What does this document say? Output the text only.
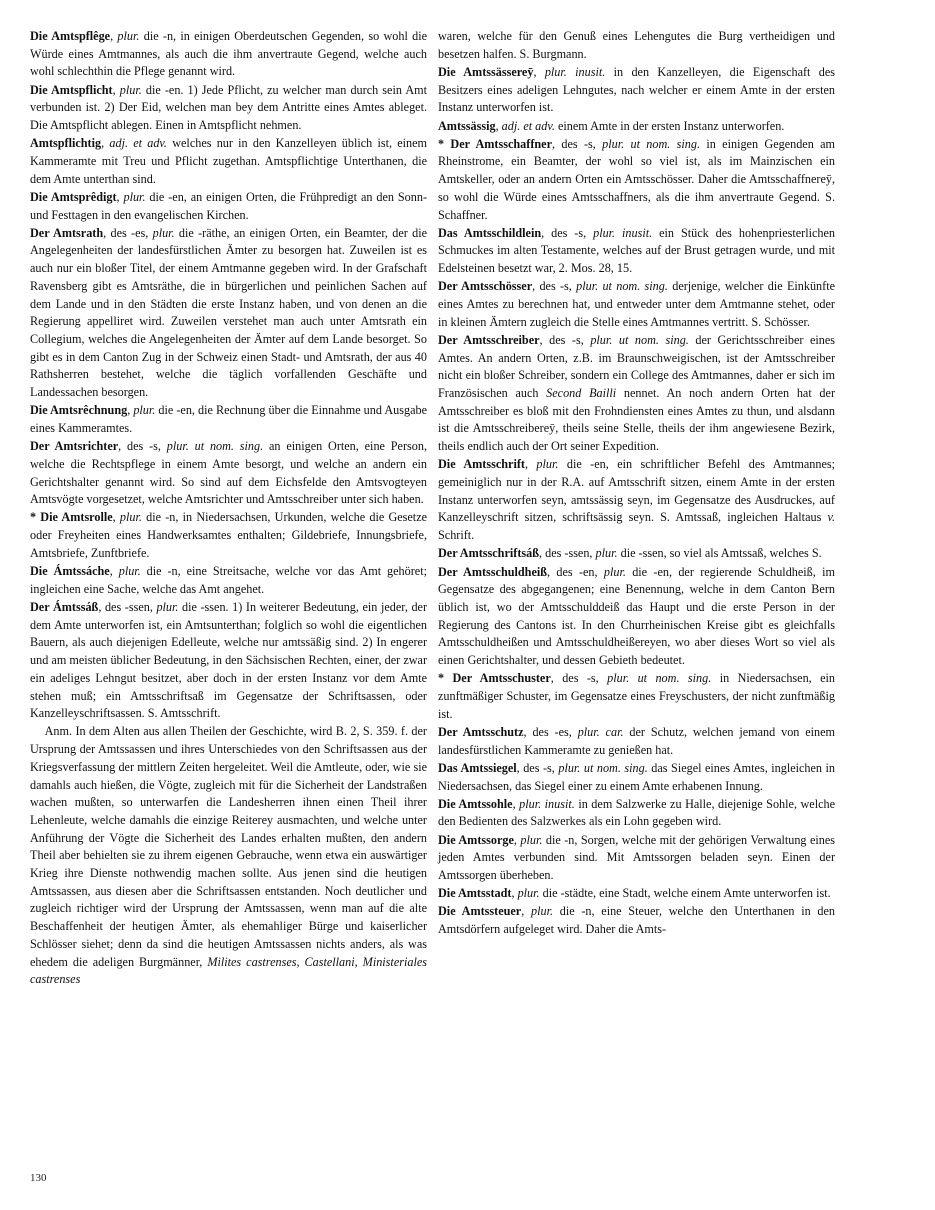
Die Amtspflêge, plur. die -n, in einigen Oberdeutschen Gegenden, so wohl die Würde eines Amtmannes, als auch die ihm anvertraute Gegend, welche auch wohl schlechthin die Pflege genannt wird.

Die Amtspflicht, plur. die -en. 1) Jede Pflicht, zu welcher man durch sein Amt verbunden ist. 2) Der Eid, welchen man bey dem Antritte eines Amtes ableget. Die Amtspflicht ablegen. Einen in Amtspflicht nehmen.

Amtspflichtig, adj. et adv. welches nur in den Kanzelleyen üblich ist, einem Kammeramte mit Treu und Pflicht zugethan. Amtspflichtige Unterthanen, die dem Amte unterthan sind.

Die Amtsprêdigt, plur. die -en, an einigen Orten, die Frühpredigt an den Sonn- und Festtagen in den evangelischen Kirchen.

Der Amtsrath, des -es, plur. die -räthe, an einigen Orten, ein Beamter, der die Angelegenheiten der landesfürstlichen Ämter zu besorgen hat. Zuweilen ist es auch nur ein bloßer Titel, der einem Amtmanne gegeben wird. In der Grafschaft Ravensberg gibt es Amtsräthe, die in bürgerlichen und peinlichen Sachen auf dem Lande und in den Städten die erste Instanz haben, und von denen an die Regierung appelliret wird. Zuweilen verstehet man auch unter Amtsrath ein Collegium, welches die Angelegenheiten der Ämter auf dem Lande besorget. So gibt es in dem Canton Zug in der Schweiz einen Stadt- und Amtsrath, der aus 40 Rathsherren bestehet, welche die täglich vorfallenden Geschäfte und Landessachen besorgen.

Die Amtsrêchnung, plur. die -en, die Rechnung über die Einnahme und Ausgabe eines Kammeramtes.

Der Amtsrichter, des -s, plur. ut nom. sing. an einigen Orten, eine Person, welche die Rechtspflege in einem Amte besorgt, und welche an andern ein Gerichtshalter genannt wird. So sind auf dem Eichsfelde den Amtsvogteyen Amtsvögte vorgesetzet, welche Amtsrichter und Amtsschreiber unter sich haben.

* Die Amtsrolle, plur. die -n, in Niedersachsen, Urkunden, welche die Gesetze oder Freyheiten eines Handwerksamtes enthalten; Gildebriefe, Innungsbriefe, Amtsbriefe, Zunftbriefe.

Die Ámtssáche, plur. die -n, eine Streitsache, welche vor das Amt gehöret; ingleichen eine Sache, welche das Amt angehet.

Der Ámtssáß, des -ssen, plur. die -ssen. 1) In weiterer Bedeutung, ein jeder, der dem Amte unterworfen ist, ein Amtsunterthan; folglich so wohl die eigentlichen Bauern, als auch diejenigen Edelleute, welche nur amtssäßig sind. 2) In engerer und am meisten üblicher Bedeutung, in den Sächsischen Rechten, einer, der zwar ein adeliges Lehngut besitzet, aber doch in der ersten Instanz vor dem Amte stehen muß; ein Amtsschriftsaß im Gegensatze der Schriftsassen, oder Kanzelleyschriftsassen. S. Amtsschrift.

Anm. In dem Alten aus allen Theilen der Geschichte, wird B. 2, S. 359. f. der Ursprung der Amtssassen und ihres Unterschiedes von den Schriftsassen aus der Kriegsverfassung der mittlern Zeiten hergeleitet. Weil die Amtleute, oder, wie sie damahls auch hießen, die Vögte, zugleich mit für die Sicherheit der Landstraßen wachen mußten, so unterwarfen die Landesherren ihnen einen Theil ihrer Lehenleute, welche damahls die einzige Reiterey ausmachten, und welche unter Anführung der Vögte die Sicherheit des Landes erhalten mußten, den andern Theil aber behielten sie zu ihrem eigenen Gebrauche, wenn etwa ein auswärtiger Krieg ihre Dienste nothwendig machen sollte. Aus jenen sind die heutigen Amtssassen, aus diesen aber die Schriftsassen entstanden. Noch deutlicher und zugleich richtiger wird der Ursprung der Amtssassen, wenn man auf die alte Beschaffenheit der heutigen Ämter, als ehemahliger Bürge und kaiserlicher Schlösser siehet; denn da sind die heutigen Amtssassen nichts anders, als was ehedem die adeligen Burgmänner, Milites castrenses, Castellani, Ministeriales castrenses

waren, welche für den Genuß eines Lehengutes die Burg vertheidigen und besetzen halfen. S. Burgmann.

Die Amtssässereӯ, plur. inusit. in den Kanzelleyen, die Eigenschaft des Besitzers eines adeligen Lehngutes, nach welcher er einem Amte in der ersten Instanz unterworfen ist.

Amtssässig, adj. et adv. einem Amte in der ersten Instanz unterworfen.

* Der Amtsschaffner, des -s, plur. ut nom. sing. in einigen Gegenden am Rheinstrome, ein Beamter, der wohl so viel ist, als im Mainzischen ein Amtskeller, oder an andern Orten ein Amtsschösser. Daher die Amtsschaffnereӯ, so wohl die Würde eines Amtsschaffners, als die ihm anvertraute Gegend. S. Schaffner.

Das Amtsschildlein, des -s, plur. inusit. ein Stück des hohenpriesterlichen Schmuckes im alten Testamente, welches auf der Brust getragen wurde, und mit Edelsteinen besetzt war, 2. Mos. 28, 15.

Der Amtsschösser, des -s, plur. ut nom. sing. derjenige, welcher die Einkünfte eines Amtes zu berechnen hat, und entweder unter dem Amtmanne stehet, oder in kleinen Ämtern zugleich die Stelle eines Amtmannes vertritt. S. Schösser.

Der Amtsschreiber, des -s, plur. ut nom. sing. der Gerichtsschreiber eines Amtes. An andern Orten, z.B. im Braunschweigischen, ist der Amtsschreiber nicht ein bloßer Schreiber, sondern ein College des Amtmannes, daher er sich im Französischen auch Second Bailli nennet. An noch andern Orten hat der Amtsschreiber es bloß mit den Frohndiensten eines Amtes zu thun, und alsdann ist die Amtsschreibereӯ, theils seine Stelle, theils der ihm angewiesene Bezirk, theils endlich auch der Ort seiner Expedition.

Die Amtsschrift, plur. die -en, ein schriftlicher Befehl des Amtmannes; gemeiniglich nur in der R.A. auf Amtsschrift sitzen, einem Amte in der ersten Instanz unterworfen seyn, amtssässig seyn, im Gegensatze des Ausdruckes, auf Kanzelleyschrift sitzen, schriftsässig seyn. S. Amtssaß, ingleichen Haltaus v. Schrift.

Der Amtsschriftsáß, des -ssen, plur. die -ssen, so viel als Amtssaß, welches S.

Der Amtsschuldheiß, des -en, plur. die -en, der regierende Schuldheiß, im Gegensatze des abgegangenen; eine Benennung, welche in dem Canton Bern üblich ist, wo der Amtsschulddeiß das Haupt und die erste Person in der Regierung des Cantons ist. In den Churrheinischen Kreise gibt es gleichfalls Amtsschuldheißen und Amtsschuldheißereyen, wo aber dieses Wort so viel als einen Gerichtshalter, und dessen Gebieth bedeutet.

* Der Amtsschuster, des -s, plur. ut nom. sing. in Niedersachsen, ein zunftmäßiger Schuster, im Gegensatze eines Freyschusters, der nicht zunftmäßig ist.

Der Amtsschutz, des -es, plur. car. der Schutz, welchen jemand von einem landesfürstlichen Kammeramte zu genießen hat.

Das Amtssiegel, des -s, plur. ut nom. sing. das Siegel eines Amtes, ingleichen in Niedersachsen, das Siegel einer zu einem Amte erhabenen Innung.

Die Amtssohle, plur. inusit. in dem Salzwerke zu Halle, diejenige Sohle, welche den Bedienten des Salzwerkes als ein Lohn gegeben wird.

Die Amtssorge, plur. die -n, Sorgen, welche mit der gehörigen Verwaltung eines jeden Amtes verbunden sind. Mit Amtssorgen beladen seyn. Einen der Amtssorgen überheben.

Die Amtsstadt, plur. die -städte, eine Stadt, welche einem Amte unterworfen ist.

Die Amtssteuer, plur. die -n, eine Steuer, welche den Unterthanen in den Amtsdörfern aufgeleget wird. Daher die Amts-

130
